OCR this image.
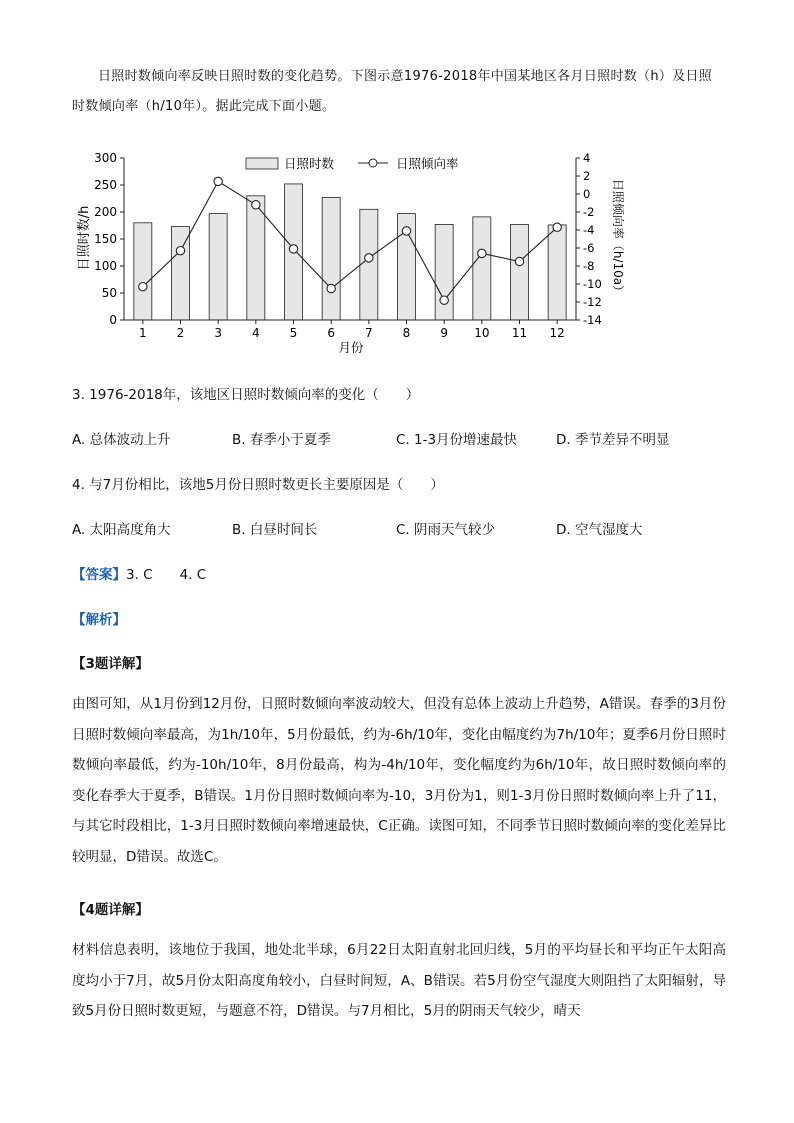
日照时数倾向率反映日照时数的变化趋势。下图示意1976-2018年中国某地区各月日照时数（h）及日照时数倾向率（h/10年）。据此完成下面小题。
0
50
100
150
200
250
300
-14
-12
-10
-8
-6
-4
-2
0
2
4
1	2	3	4	5	6	7	8	9 10 11 12
日照时数	日照倾向率
日照时数/h	日照倾向率（h/10a）
月份
3. 1976-2018年，该地区日照时数倾向率的变化（　　）
A. 总体波动上升	B. 春季小于夏季	C. 1-3月份增速最快	D. 季节差异不明显
4. 与7月份相比，该地5月份日照时数更长主要原因是（　　）
A. 太阳高度角大	B. 白昼时间长	C. 阴雨天气较少	D. 空气湿度大
【答案】3. C　　4. C
【解析】
【3题详解】
由图可知，从1月份到12月份，日照时数倾向率波动较大，但没有总体上波动上升趋势，A错误。春季的3月份日照时数倾向率最高，为1h/10年，5月份最低，约为-6h/10年，变化由幅度约为7h/10年；夏季6月份日照时数倾向率最低，约为-10h/10年，8月份最高，构为-4h/10年，变化幅度约为6h/10年，故日照时数倾向率的变化春季大于夏季，B错误。1月份日照时数倾向率为-10，3月份为1，则1-3月份日照时数倾向率上升了11，与其它时段相比，1-3月日照时数倾向率增速最快，C正确。读图可知，不同季节日照时数倾向率的变化差异比较明显，D错误。故选C。
【4题详解】
材料信息表明，该地位于我国，地处北半球，6月22日太阳直射北回归线，5月的平均昼长和平均正午太阳高度均小于7月，故5月份太阳高度角较小，白昼时间短，A、B错误。若5月份空气湿度大则阻挡了太阳辐射，导致5月份日照时数更短，与题意不符，D错误。与7月相比，5月的阴雨天气较少，晴天
